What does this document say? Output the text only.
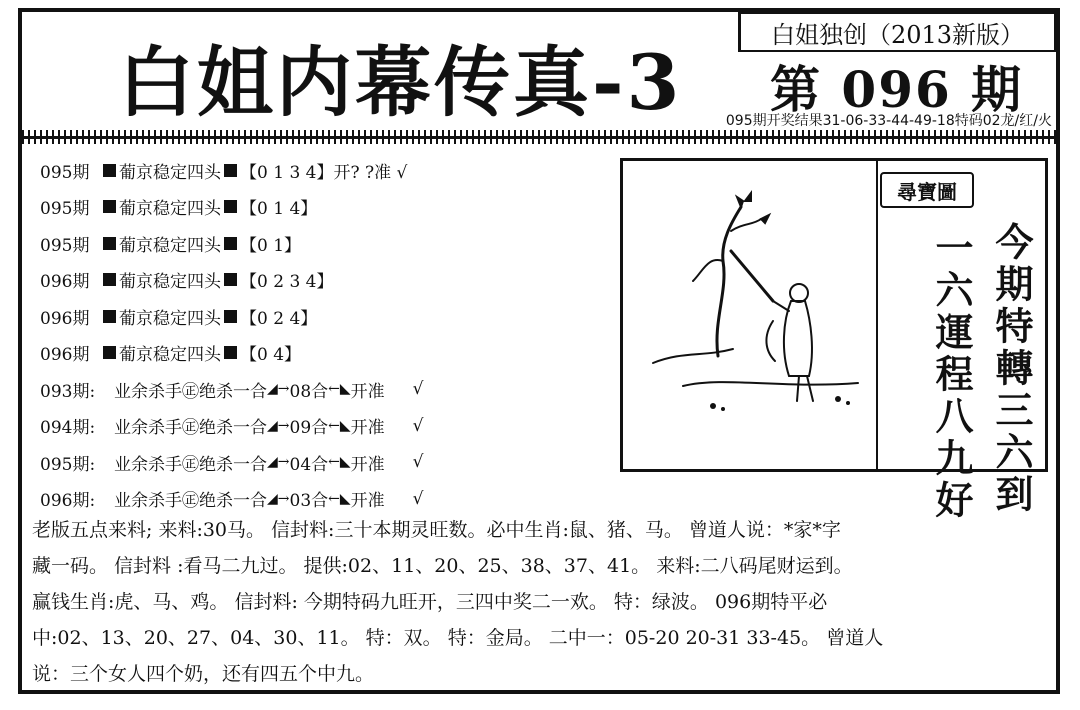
白姐内幕传真-3
白姐独创（2013新版）
第 096 期
095期开奖结果31-06-33-44-49-18特码02龙/红/火
095期	葡京稳定四头 【0 1 3 4】 开? ?准 √
095期	葡京稳定四头 【0 1 4】
095期	葡京稳定四头 【0 1】
096期	葡京稳定四头 【0 2 3 4】
096期	葡京稳定四头 【0 2 4】
096期	葡京稳定四头 【0 4】
093期:	业余杀手㊣绝杀一合 ◢→ 08合 ←◣ 开准 √
094期:	业余杀手㊣绝杀一合 ◢→ 09合 ←◣ 开准 √
095期:	业余杀手㊣绝杀一合 ◢→ 04合 ←◣ 开准 √
096期:	业余杀手㊣绝杀一合 ◢→ 03合 ←◣ 开准 √
尋寶圖
今期特轉三六到
一六運程八九好

老版五点来料; 来料:30马。 信封料:三十本期灵旺数。必中生肖:鼠、猪、马。 曾道人说：*家*字

藏一码。 信封料 :看马二九过。 提供:02、11、20、25、38、37、41。 来料:二八码尾财运到。

赢钱生肖:虎、马、鸡。 信封料: 今期特码九旺开，三四中奖二一欢。 特：绿波。 096期特平必

中:02、13、20、27、04、30、11。 特：双。 特：金局。 二中一：05-20 20-31 33-45。 曾道人

说：三个女人四个奶，还有四五个中九。
